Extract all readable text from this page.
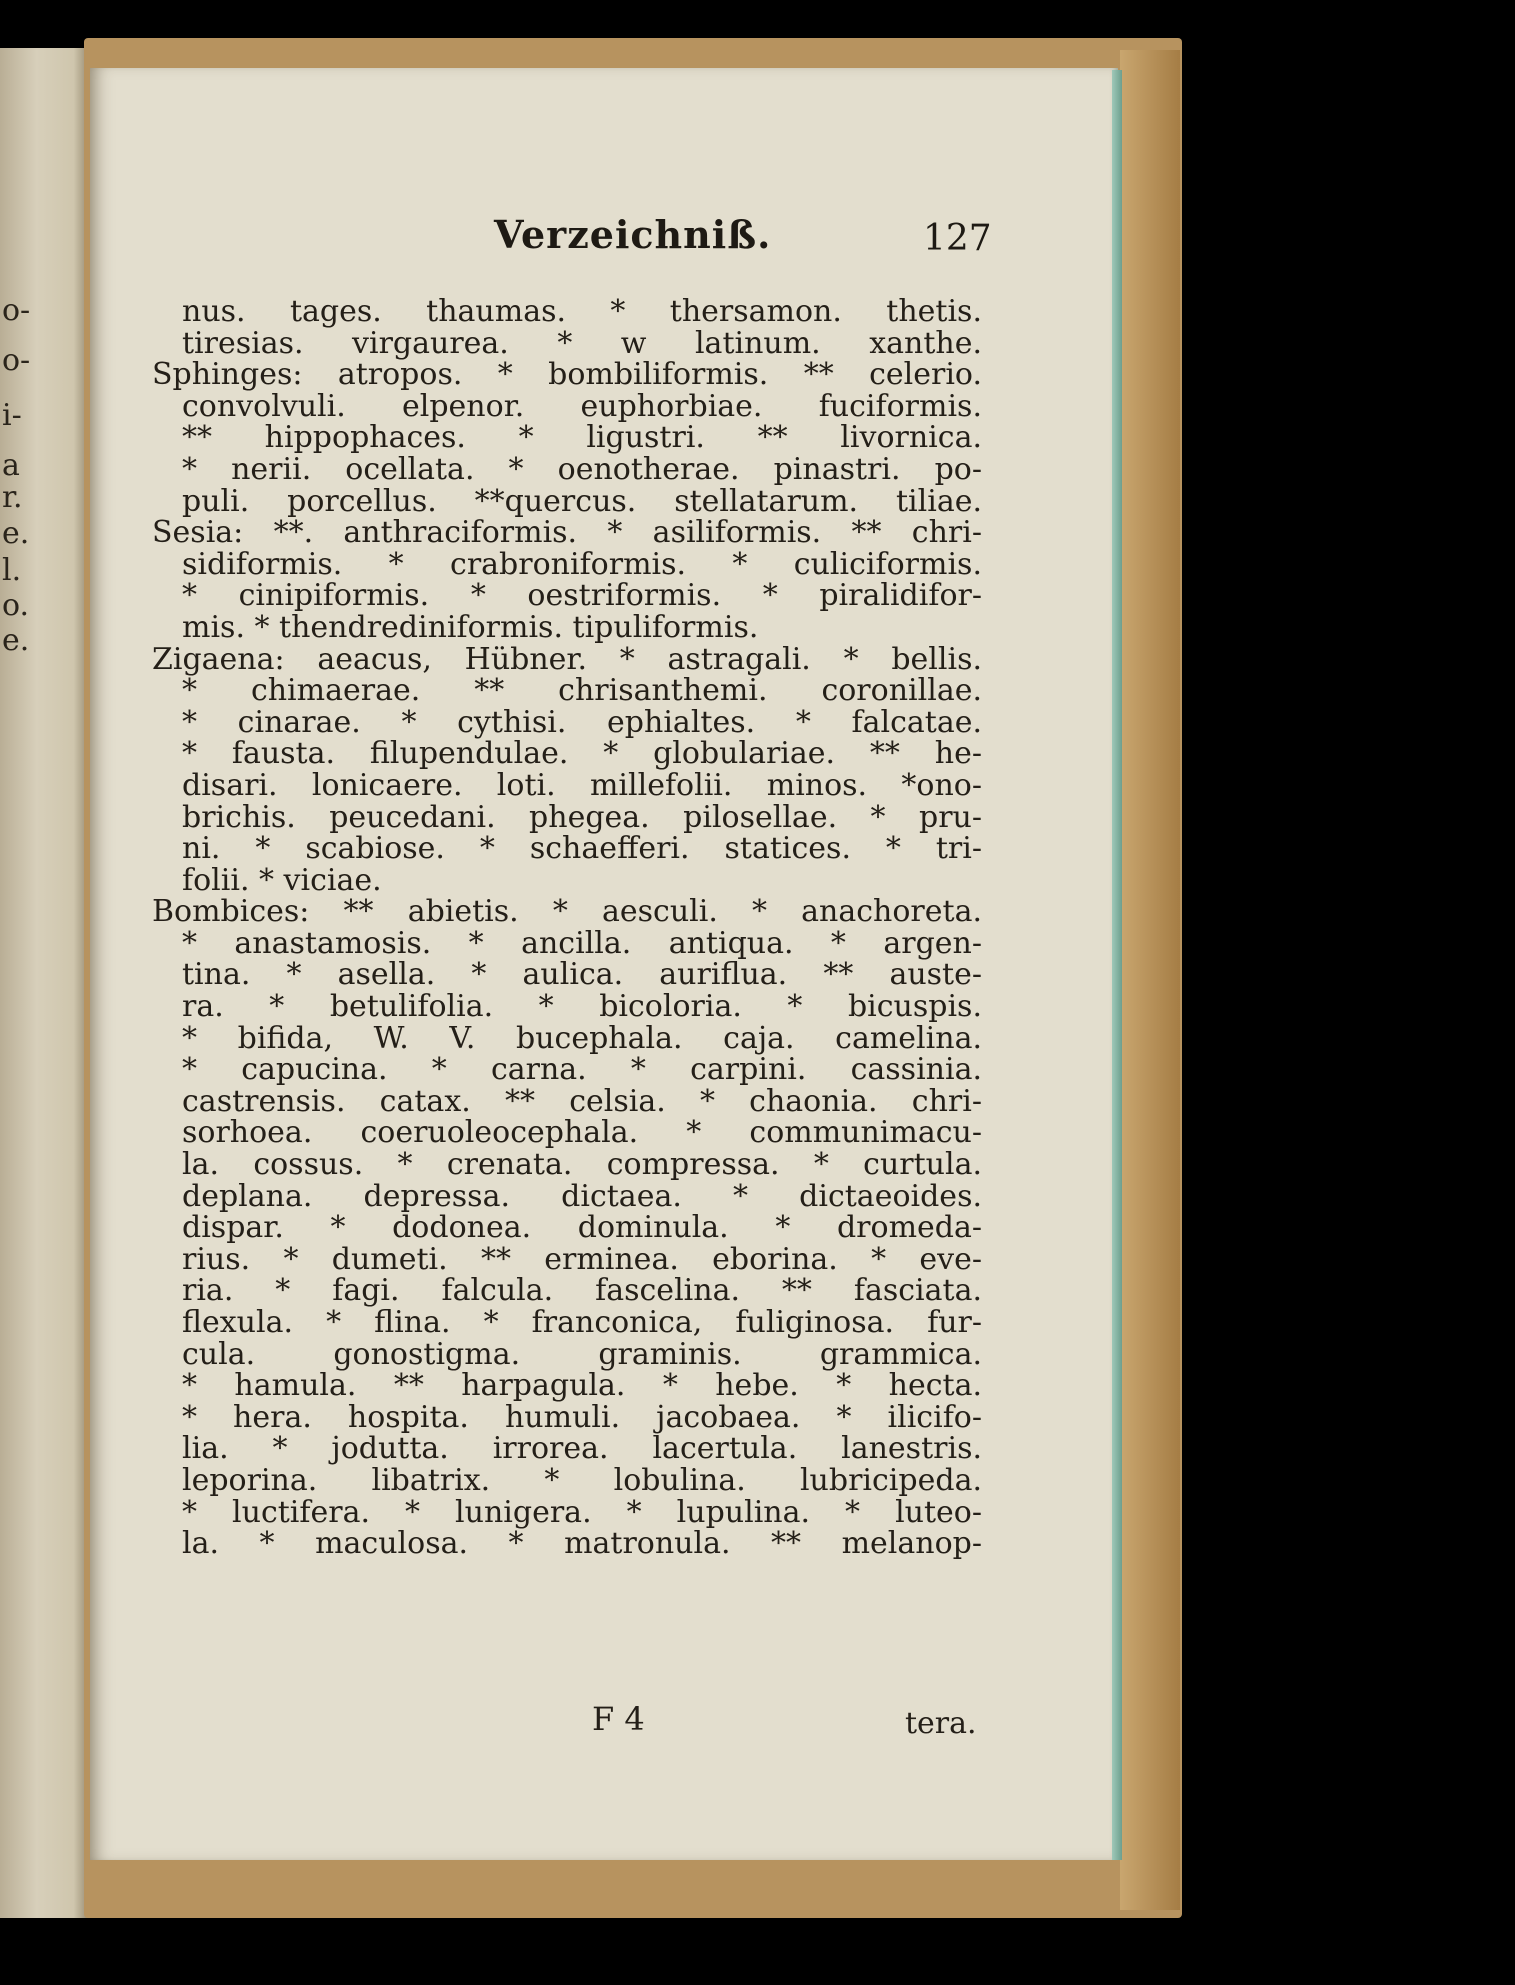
o-
o-
i-
a
r.
e.
l.
o.
e.
Verzeichniß.	127
nus. tages. thaumas. * thersamon. thetis.
tiresias. virgaurea. * w latinum. xanthe.
Sphinges: atropos. * bombiliformis. ** celerio.
convolvuli. elpenor. euphorbiae. fuciformis.
** hippophaces. * ligustri. ** livornica.
* nerii. ocellata. * oenotherae. pinastri. po-
puli. porcellus. **quercus. stellatarum. tiliae.
Sesia: **. anthraciformis. * asiliformis. ** chri-
sidiformis. * crabroniformis. * culiciformis.
* cinipiformis. * oestriformis. * piralidifor-
mis. * thendrediniformis. tipuliformis.
Zigaena: aeacus, Hübner. * astragali. * bellis.
* chimaerae. ** chrisanthemi. coronillae.
* cinarae. * cythisi. ephialtes. * falcatae.
* fausta. filupendulae. * globulariae. ** he-
disari. lonicaere. loti. millefolii. minos. *ono-
brichis. peucedani. phegea. pilosellae. * pru-
ni. * scabiose. * schaefferi. statices. * tri-
folii. * viciae.
Bombices: ** abietis. * aesculi. * anachoreta.
* anastamosis. * ancilla. antiqua. * argen-
tina. * asella. * aulica. auriflua. ** auste-
ra. * betulifolia. * bicoloria. * bicuspis.
* bifida, W. V. bucephala. caja. camelina.
* capucina. * carna. * carpini. cassinia.
castrensis. catax. ** celsia. * chaonia. chri-
sorhoea. coeruoleocephala. * communimacu-
la. cossus. * crenata. compressa. * curtula.
deplana. depressa. dictaea. * dictaeoides.
dispar. * dodonea. dominula. * dromeda-
rius. * dumeti. ** erminea. eborina. * eve-
ria. * fagi. falcula. fascelina. ** fasciata.
flexula. * flina. * franconica, fuliginosa. fur-
cula. gonostigma. graminis. grammica.
* hamula. ** harpagula. * hebe. * hecta.
* hera. hospita. humuli. jacobaea. * ilicifo-
lia. * jodutta. irrorea. lacertula. lanestris.
leporina. libatrix. * lobulina. lubricipeda.
* luctifera. * lunigera. * lupulina. * luteo-
la. * maculosa. * matronula. ** melanop-
F 4	tera.
